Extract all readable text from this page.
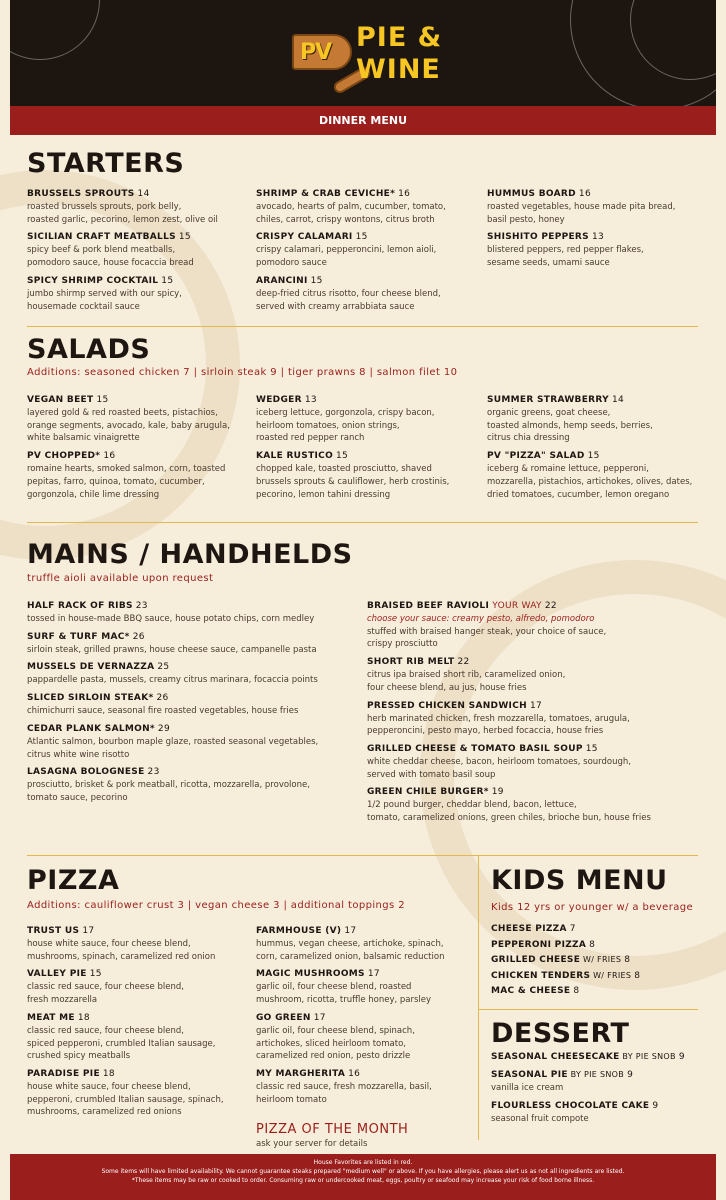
PV PIE &
WINE
DINNER MENU
STARTERS
BRUSSELS SPROUTS 14
roasted brussels sprouts, pork belly,
roasted garlic, pecorino, lemon zest, olive oil
SICILIAN CRAFT MEATBALLS 15
spicy beef & pork blend meatballs,
pomodoro sauce, house focaccia bread
SPICY SHRIMP COCKTAIL 15
jumbo shirmp served with our spicy,
housemade cocktail sauce
SHRIMP & CRAB CEVICHE* 16
avocado, hearts of palm, cucumber, tomato,
chiles, carrot, crispy wontons, citrus broth
CRISPY CALAMARI 15
crispy calamari, pepperoncini, lemon aioli,
pomodoro sauce
ARANCINI 15
deep-fried citrus risotto, four cheese blend,
served with creamy arrabbiata sauce
HUMMUS BOARD 16
roasted vegetables, house made pita bread,
basil pesto, honey
SHISHITO PEPPERS 13
blistered peppers, red pepper flakes,
sesame seeds, umami sauce
SALADS
Additions: seasoned chicken 7 | sirloin steak 9 | tiger prawns 8 | salmon filet 10
VEGAN BEET 15
layered gold & red roasted beets, pistachios,
orange segments, avocado, kale, baby arugula,
white balsamic vinaigrette
PV CHOPPED* 16
romaine hearts, smoked salmon, corn, toasted
pepitas, farro, quinoa, tomato, cucumber,
gorgonzola, chile lime dressing
WEDGER 13
iceberg lettuce, gorgonzola, crispy bacon,
heirloom tomatoes, onion strings,
roasted red pepper ranch
KALE RUSTICO 15
chopped kale, toasted prosciutto, shaved
brussels sprouts & cauliflower, herb crostinis,
pecorino, lemon tahini dressing
SUMMER STRAWBERRY 14
organic greens, goat cheese,
toasted almonds, hemp seeds, berries,
citrus chia dressing
PV "PIZZA" SALAD 15
iceberg & romaine lettuce, pepperoni,
mozzarella, pistachios, artichokes, olives, dates,
dried tomatoes, cucumber, lemon oregano
MAINS / HANDHELDS
truffle aioli available upon request
HALF RACK OF RIBS 23
tossed in house-made BBQ sauce, house potato chips, corn medley
SURF & TURF MAC* 26
sirloin steak, grilled prawns, house cheese sauce, campanelle pasta
MUSSELS DE VERNAZZA 25
pappardelle pasta, mussels, creamy citrus marinara, focaccia points
SLICED SIRLOIN STEAK* 26
chimichurri sauce, seasonal fire roasted vegetables, house fries
CEDAR PLANK SALMON* 29
Atlantic salmon, bourbon maple glaze, roasted seasonal vegetables,
citrus white wine risotto
LASAGNA BOLOGNESE 23
prosciutto, brisket & pork meatball, ricotta, mozzarella, provolone,
tomato sauce, pecorino
BRAISED BEEF RAVIOLI YOUR WAY 22
choose your sauce: creamy pesto, alfredo, pomodoro
stuffed with braised hanger steak, your choice of sauce,
crispy prosciutto
SHORT RIB MELT 22
citrus ipa braised short rib, caramelized onion,
four cheese blend, au jus, house fries
PRESSED CHICKEN SANDWICH 17
herb marinated chicken, fresh mozzarella, tomatoes, arugula,
pepperoncini, pesto mayo, herbed focaccia, house fries
GRILLED CHEESE & TOMATO BASIL SOUP 15
white cheddar cheese, bacon, heirloom tomatoes, sourdough,
served with tomato basil soup
GREEN CHILE BURGER* 19
1/2 pound burger, cheddar blend, bacon, lettuce,
tomato, caramelized onions, green chiles, brioche bun, house fries
PIZZA
Additions: cauliflower crust 3 | vegan cheese 3 | additional toppings 2
TRUST US 17
house white sauce, four cheese blend,
mushrooms, spinach, caramelized red onion
VALLEY PIE 15
classic red sauce, four cheese blend,
fresh mozzarella
MEAT ME 18
classic red sauce, four cheese blend,
spiced pepperoni, crumbled Italian sausage,
crushed spicy meatballs
PARADISE PIE 18
house white sauce, four cheese blend,
pepperoni, crumbled Italian sausage, spinach,
mushrooms, caramelized red onions
FARMHOUSE (V) 17
hummus, vegan cheese, artichoke, spinach,
corn, caramelized onion, balsamic reduction
MAGIC MUSHROOMS 17
garlic oil, four cheese blend, roasted
mushroom, ricotta, truffle honey, parsley
GO GREEN 17
garlic oil, four cheese blend, spinach,
artichokes, sliced heirloom tomato,
caramelized red onion, pesto drizzle
MY MARGHERITA 16
classic red sauce, fresh mozzarella, basil,
heirloom tomato
PIZZA OF THE MONTH
ask your server for details
KIDS MENU
Kids 12 yrs or younger w/ a beverage
CHEESE PIZZA 7
PEPPERONI PIZZA 8
GRILLED CHEESE W/ FRIES 8
CHICKEN TENDERS W/ FRIES 8
MAC & CHEESE 8
DESSERT
SEASONAL CHEESECAKE BY PIE SNOB 9
SEASONAL PIE BY PIE SNOB 9
vanilla ice cream
FLOURLESS CHOCOLATE CAKE 9
seasonal fruit compote
House Favorites are listed in red.
Some items will have limited availability. We cannot guarantee steaks prepared "medium well" or above. If you have allergies, please alert us as not all ingredients are listed.
*These items may be raw or cooked to order. Consuming raw or undercooked meat, eggs, poultry or seafood may increase your risk of food borne illness.
